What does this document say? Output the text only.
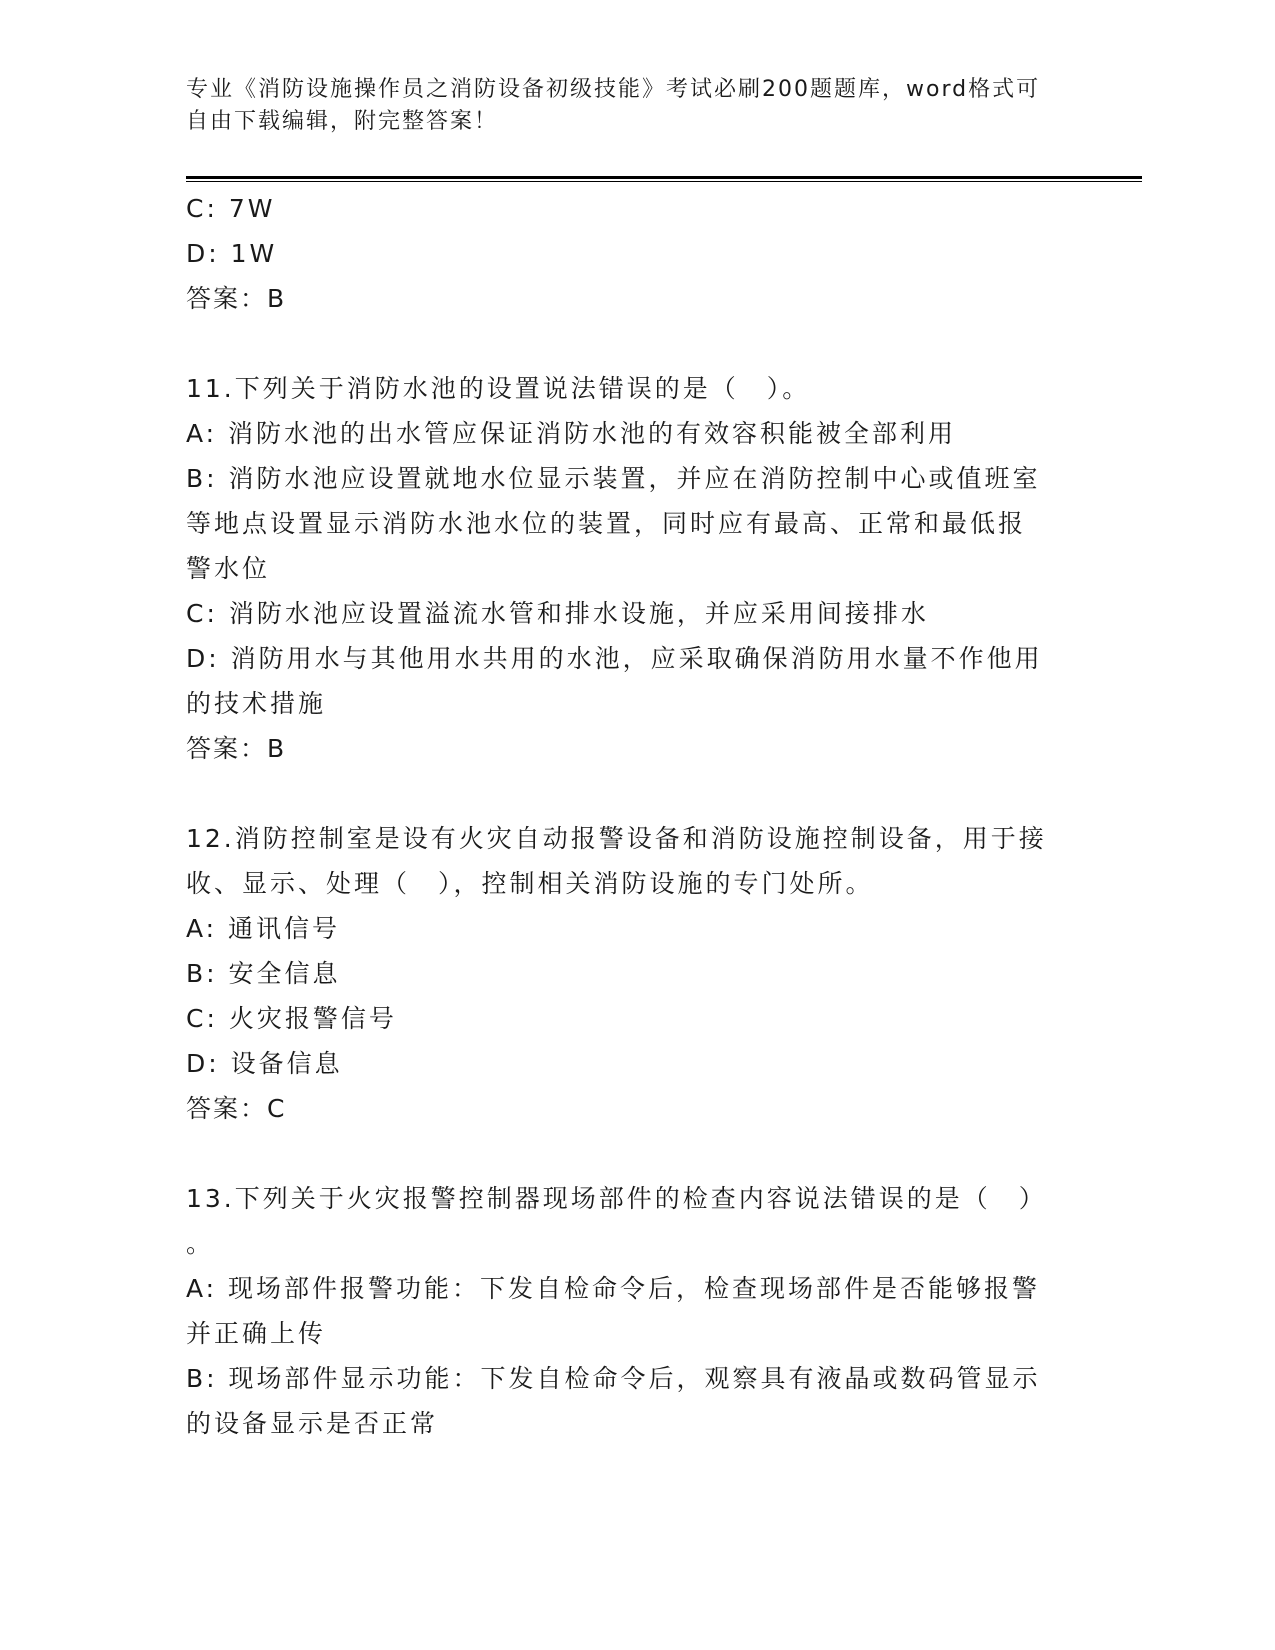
专业《消防设施操作员之消防设备初级技能》考试必刷200题题库，word格式可
自由下载编辑，附完整答案！
C: 7W
D: 1W
答案：B
11.下列关于消防水池的设置说法错误的是（　）。
A: 消防水池的出水管应保证消防水池的有效容积能被全部利用
B: 消防水池应设置就地水位显示装置，并应在消防控制中心或值班室
等地点设置显示消防水池水位的装置，同时应有最高、正常和最低报
警水位
C: 消防水池应设置溢流水管和排水设施，并应采用间接排水
D: 消防用水与其他用水共用的水池，应采取确保消防用水量不作他用
的技术措施
答案：B
12.消防控制室是设有火灾自动报警设备和消防设施控制设备，用于接
收、显示、处理（　），控制相关消防设施的专门处所。
A: 通讯信号
B: 安全信息
C: 火灾报警信号
D: 设备信息
答案：C
13.下列关于火灾报警控制器现场部件的检查内容说法错误的是（　）
。
A: 现场部件报警功能：下发自检命令后，检查现场部件是否能够报警
并正确上传
B: 现场部件显示功能：下发自检命令后，观察具有液晶或数码管显示
的设备显示是否正常
